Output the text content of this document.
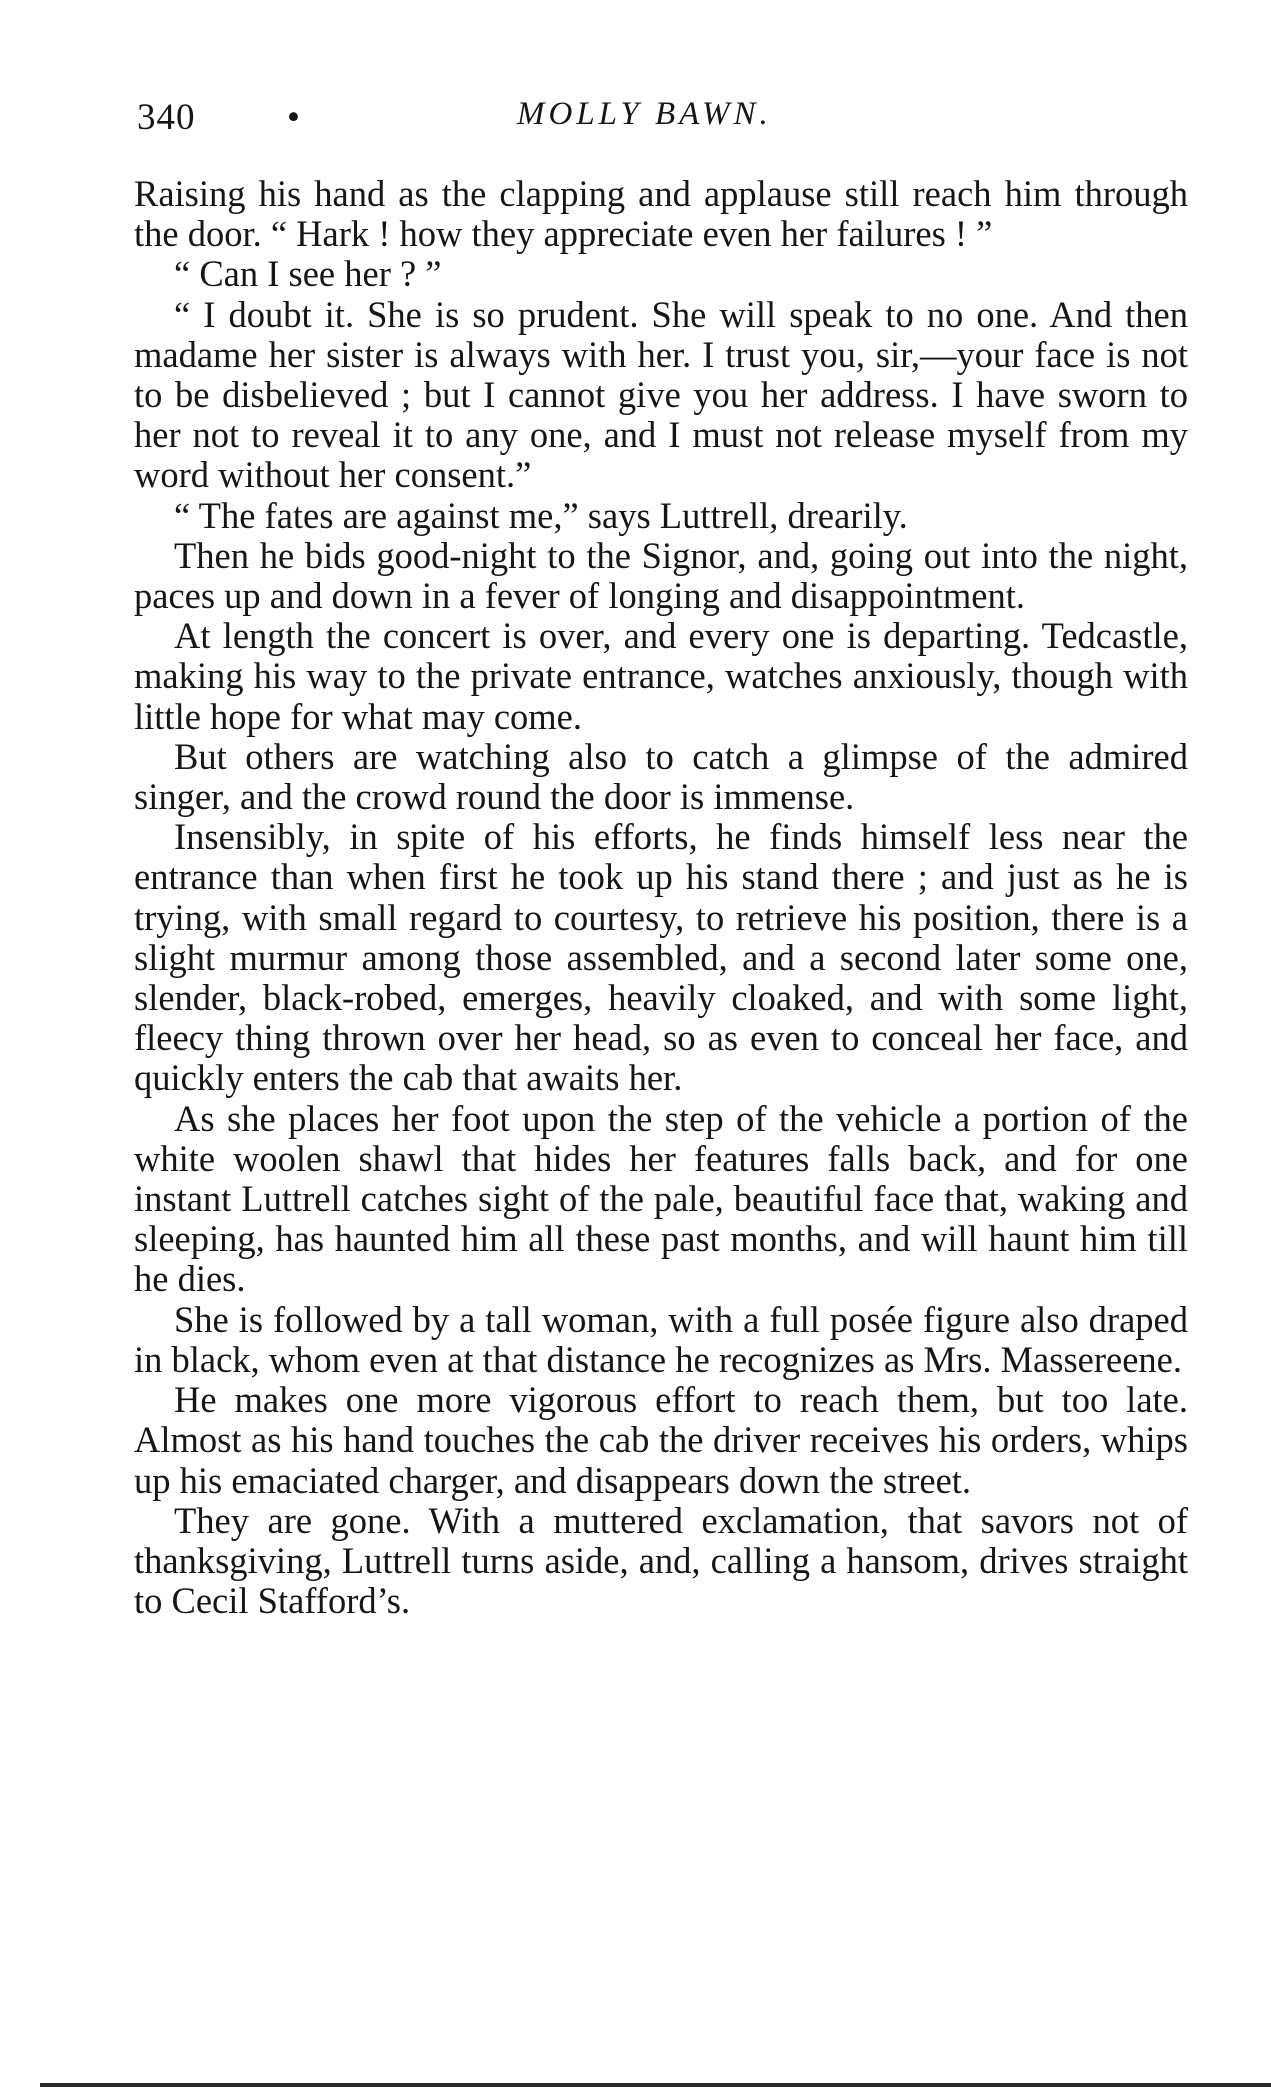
340 •	MOLLY BAWN.

Raising his hand as the clapping and applause still reach him through the door. “ Hark ! how they appreciate even her failures ! ”

“ Can I see her ? ”

“ I doubt it. She is so prudent. She will speak to no one. And then madame her sister is always with her. I trust you, sir,—your face is not to be disbelieved ; but I cannot give you her address. I have sworn to her not to reveal it to any one, and I must not release myself from my word without her consent.”

“ The fates are against me,” says Luttrell, drearily.

Then he bids good-night to the Signor, and, going out into the night, paces up and down in a fever of longing and disappointment.

At length the concert is over, and every one is departing. Tedcastle, making his way to the private entrance, watches anxiously, though with little hope for what may come.

But others are watching also to catch a glimpse of the admired singer, and the crowd round the door is immense.

Insensibly, in spite of his efforts, he finds himself less near the entrance than when first he took up his stand there ; and just as he is trying, with small regard to courtesy, to retrieve his position, there is a slight murmur among those assembled, and a second later some one, slender, black-robed, emerges, heavily cloaked, and with some light, fleecy thing thrown over her head, so as even to conceal her face, and quickly enters the cab that awaits her.

As she places her foot upon the step of the vehicle a portion of the white woolen shawl that hides her features falls back, and for one instant Luttrell catches sight of the pale, beautiful face that, waking and sleeping, has haunted him all these past months, and will haunt him till he dies.

She is followed by a tall woman, with a full posée figure also draped in black, whom even at that distance he recognizes as Mrs. Massereene.

He makes one more vigorous effort to reach them, but too late. Almost as his hand touches the cab the driver receives his orders, whips up his emaciated charger, and disappears down the street.

They are gone. With a muttered exclamation, that savors not of thanksgiving, Luttrell turns aside, and, calling a hansom, drives straight to Cecil Stafford’s.
